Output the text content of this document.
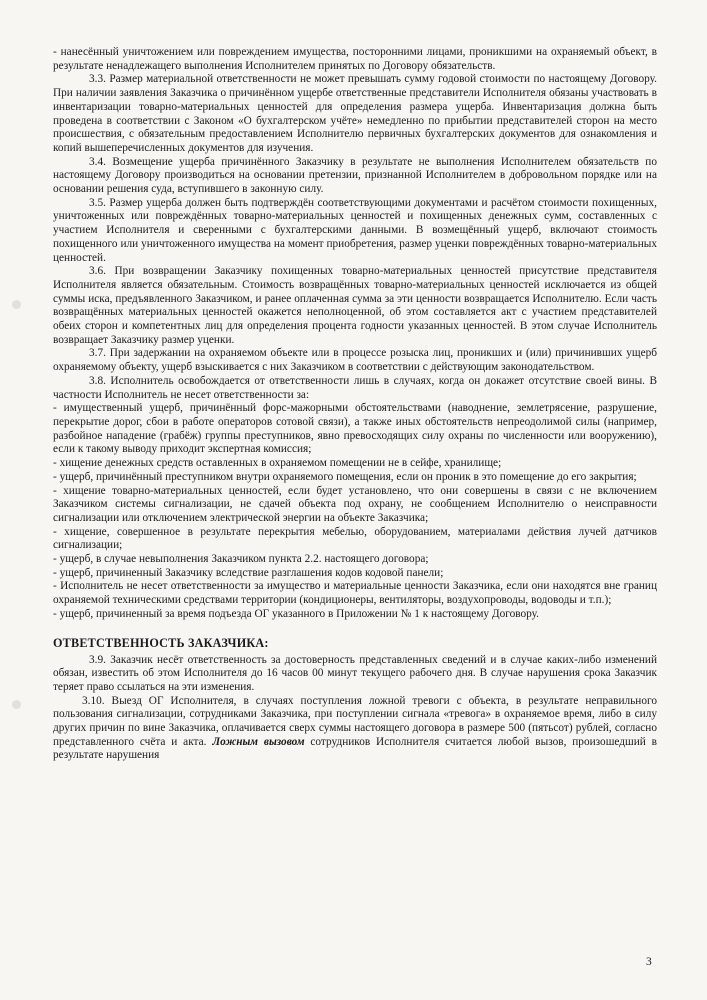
- нанесённый уничтожением или повреждением имущества, посторонними лицами, проникшими на охраняемый объект, в результате ненадлежащего выполнения Исполнителем принятых по Договору обязательств.

3.3. Размер материальной ответственности не может превышать сумму годовой стоимости по настоящему Договору. При наличии заявления Заказчика о причинённом ущербе ответственные представители Исполнителя обязаны участвовать в инвентаризации товарно-материальных ценностей для определения размера ущерба. Инвентаризация должна быть проведена в соответствии с Законом «О бухгалтерском учёте» немедленно по прибытии представителей сторон на место происшествия, с обязательным предоставлением Исполнителю первичных бухгалтерских документов для ознакомления и копий вышеперечисленных документов для изучения.

3.4. Возмещение ущерба причинённого Заказчику в результате не выполнения Исполнителем обязательств по настоящему Договору производиться на основании претензии, признанной Исполнителем в добровольном порядке или на основании решения суда, вступившего в законную силу.

3.5. Размер ущерба должен быть подтверждён соответствующими документами и расчётом стоимости похищенных, уничтоженных или повреждённых товарно-материальных ценностей и похищенных денежных сумм, составленных с участием Исполнителя и сверенными с бухгалтерскими данными. В возмещённый ущерб, включают стоимость похищенного или уничтоженного имущества на момент приобретения, размер уценки повреждённых товарно-материальных ценностей.

3.6. При возвращении Заказчику похищенных товарно-материальных ценностей присутствие представителя Исполнителя является обязательным. Стоимость возвращённых товарно-материальных ценностей исключается из общей суммы иска, предъявленного Заказчиком, и ранее оплаченная сумма за эти ценности возвращается Исполнителю. Если часть возвращённых материальных ценностей окажется неполноценной, об этом составляется акт с участием представителей обеих сторон и компетентных лиц для определения процента годности указанных ценностей. В этом случае Исполнитель возвращает Заказчику размер уценки.

3.7. При задержании на охраняемом объекте или в процессе розыска лиц, проникших и (или) причинивших ущерб охраняемому объекту, ущерб взыскивается с них Заказчиком в соответствии с действующим законодательством.

3.8. Исполнитель освобождается от ответственности лишь в случаях, когда он докажет отсутствие своей вины. В частности Исполнитель не несет ответственности за:

- имущественный ущерб, причинённый форс-мажорными обстоятельствами (наводнение, землетрясение, разрушение, перекрытие дорог, сбои в работе операторов сотовой связи), а также иных обстоятельств непреодолимой силы (например, разбойное нападение (грабёж) группы преступников, явно превосходящих силу охраны по численности или вооружению), если к такому выводу приходит экспертная комиссия;

- хищение денежных средств оставленных в охраняемом помещении не в сейфе, хранилище;

- ущерб, причинённый преступником внутри охраняемого помещения, если он проник в это помещение до его закрытия;

- хищение товарно-материальных ценностей, если будет установлено, что они совершены в связи с не включением Заказчиком системы сигнализации, не сдачей объекта под охрану, не сообщением Исполнителю о неисправности сигнализации или отключением электрической энергии на объекте Заказчика;

- хищение, совершенное в результате перекрытия мебелью, оборудованием, материалами действия лучей датчиков сигнализации;

- ущерб, в случае невыполнения Заказчиком пункта 2.2. настоящего договора;

- ущерб, причиненный Заказчику вследствие разглашения кодов кодовой панели;

- Исполнитель не несет ответственности за имущество и материальные ценности Заказчика, если они находятся вне границ охраняемой техническими средствами территории (кондиционеры, вентиляторы, воздухопроводы, водоводы и т.п.);

- ущерб, причиненный за время подъезда ОГ указанного в Приложении № 1 к настоящему Договору.

ОТВЕТСТВЕННОСТЬ ЗАКАЗЧИКА:

3.9. Заказчик несёт ответственность за достоверность представленных сведений и в случае каких-либо изменений обязан, известить об этом Исполнителя до 16 часов 00 минут текущего рабочего дня. В случае нарушения срока Заказчик теряет право ссылаться на эти изменения.

3.10. Выезд ОГ Исполнителя, в случаях поступления ложной тревоги с объекта, в результате неправильного пользования сигнализации, сотрудниками Заказчика, при поступлении сигнала «тревога» в охраняемое время, либо в силу других причин по вине Заказчика, оплачивается сверх суммы настоящего договора в размере 500 (пятьсот) рублей, согласно представленного счёта и акта. Ложным вызовом сотрудников Исполнителя считается любой вызов, произошедший в результате нарушения

3
